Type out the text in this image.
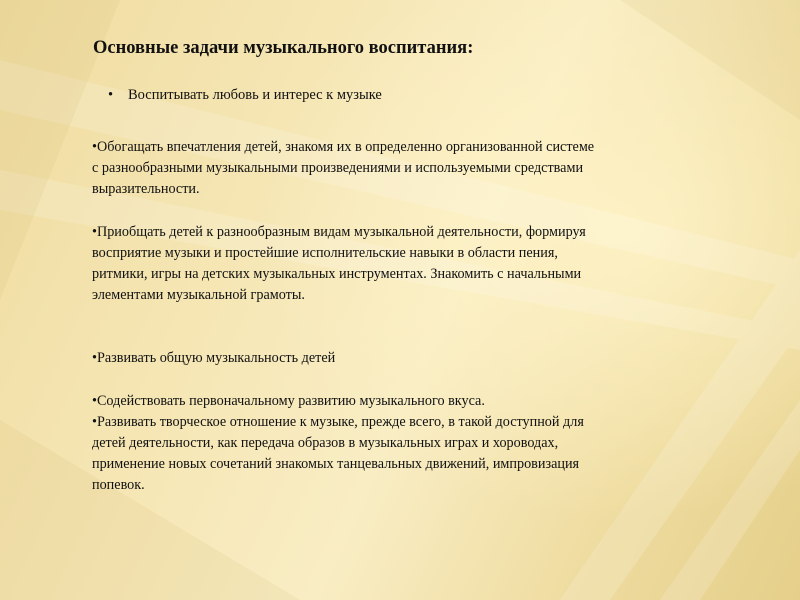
Основные задачи музыкального воспитания:
• Воспитывать любовь и интерес к музыке

•Обогащать впечатления детей, знакомя их в определенно организованной системе с разнообразными музыкальными произведениями и используемыми средствами выразительности.

•Приобщать детей к разнообразным видам музыкальной деятельности, формируя восприятие музыки и простейшие исполнительские навыки в области пения, ритмики, игры на детских музыкальных инструментах. Знакомить с начальными элементами музыкальной грамоты.

•Развивать общую музыкальность детей

•Содействовать первоначальному развитию музыкального вкуса.

•Развивать творческое отношение к музыке, прежде всего, в такой доступной для детей деятельности, как передача образов в музыкальных играх и хороводах, применение новых сочетаний знакомых танцевальных движений, импровизация попевок.
